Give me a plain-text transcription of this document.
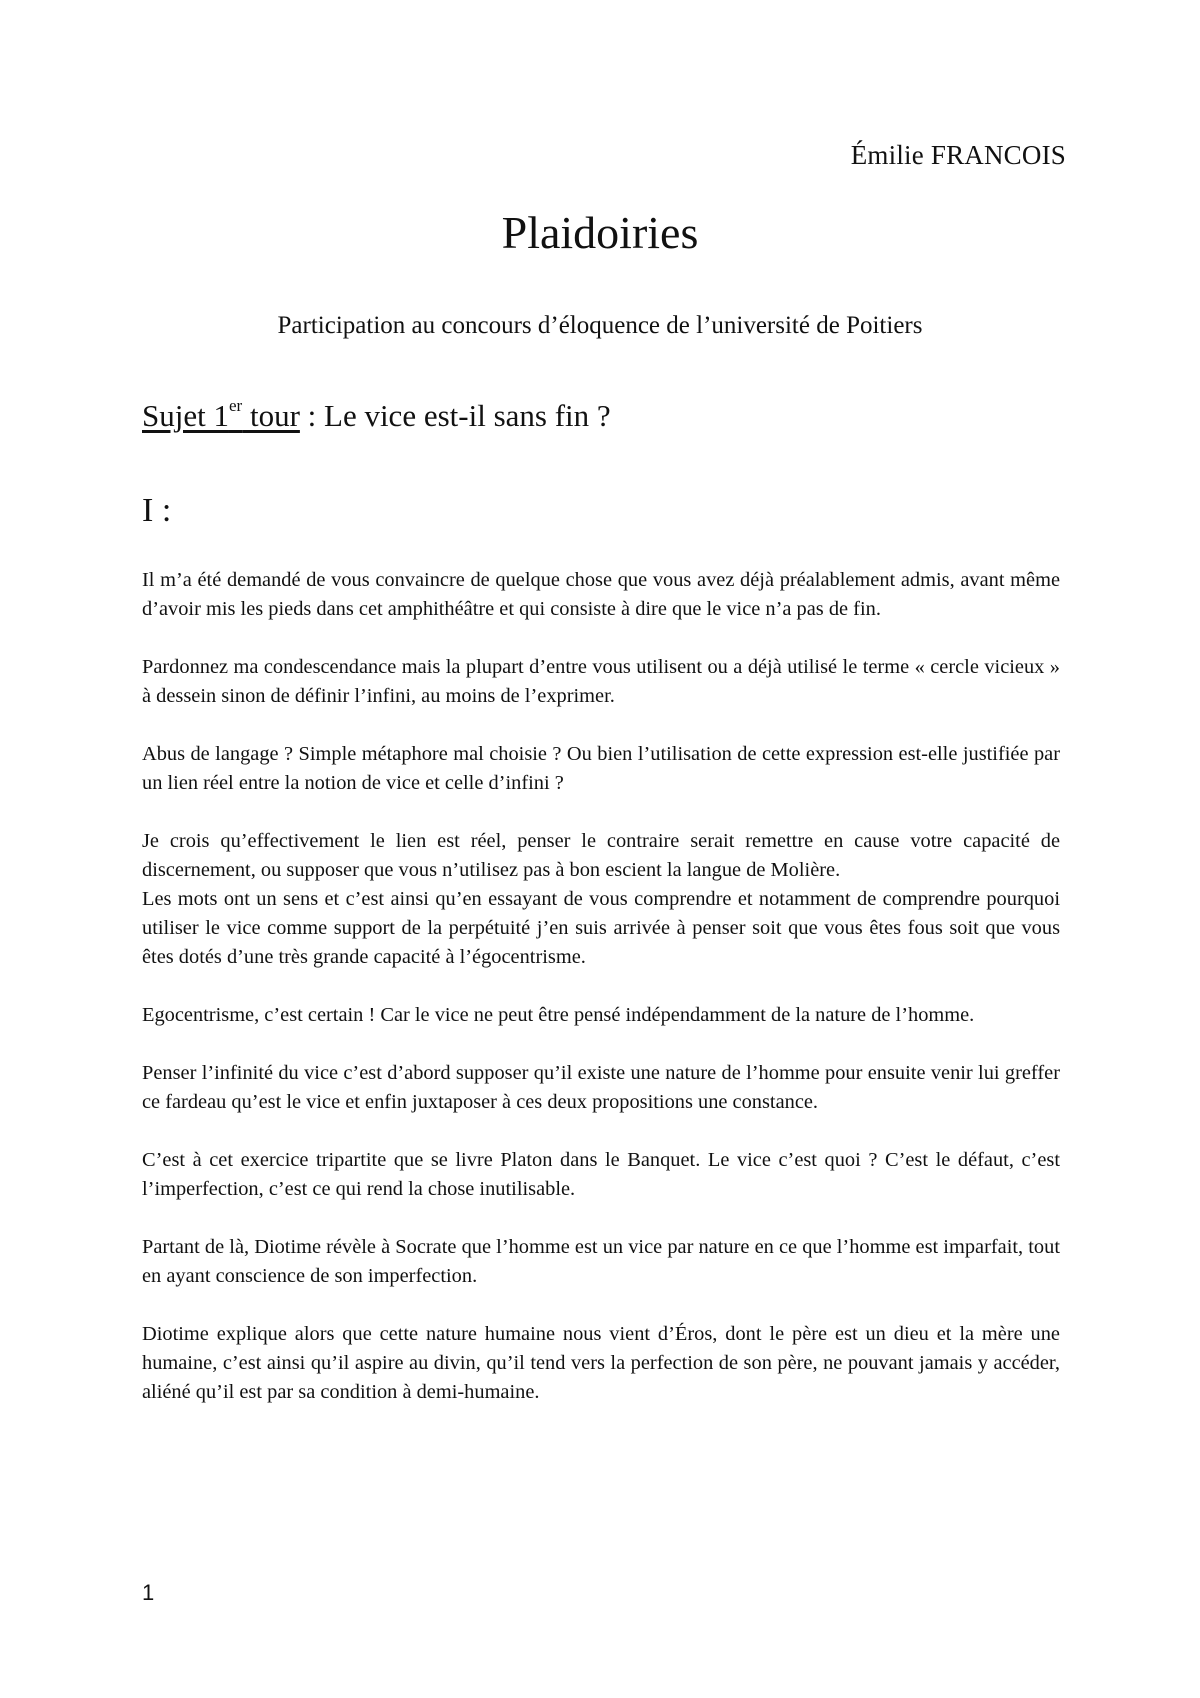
Émilie FRANCOIS
Plaidoiries
Participation au concours d’éloquence de l’université de Poitiers
Sujet 1er tour : Le vice est-il sans fin ?
I :

Il m’a été demandé de vous convaincre de quelque chose que vous avez déjà préalablement admis, avant même d’avoir mis les pieds dans cet amphithéâtre et qui consiste à dire que le vice n’a pas de fin.

Pardonnez ma condescendance mais la plupart d’entre vous utilisent ou a déjà utilisé le terme « cercle vicieux » à dessein sinon de définir l’infini, au moins de l’exprimer.

Abus de langage ? Simple métaphore mal choisie ? Ou bien l’utilisation de cette expression est-elle justifiée par un lien réel entre la notion de vice et celle d’infini ?

Je crois qu’effectivement le lien est réel, penser le contraire serait remettre en cause votre capacité de discernement, ou supposer que vous n’utilisez pas à bon escient la langue de Molière.

Les mots ont un sens et c’est ainsi qu’en essayant de vous comprendre et notamment de comprendre pourquoi utiliser le vice comme support de la perpétuité j’en suis arrivée à penser soit que vous êtes fous soit que vous êtes dotés d’une très grande capacité à l’égocentrisme.

Egocentrisme, c’est certain ! Car le vice ne peut être pensé indépendamment de la nature de l’homme.

Penser l’infinité du vice c’est d’abord supposer qu’il existe une nature de l’homme pour ensuite venir lui greffer ce fardeau qu’est le vice et enfin juxtaposer à ces deux propositions une constance.

C’est à cet exercice tripartite que se livre Platon dans le Banquet. Le vice c’est quoi ? C’est le défaut, c’est l’imperfection, c’est ce qui rend la chose inutilisable.

Partant de là, Diotime révèle à Socrate que l’homme est un vice par nature en ce que l’homme est imparfait, tout en ayant conscience de son imperfection.

Diotime explique alors que cette nature humaine nous vient d’Éros, dont le père est un dieu et la mère une humaine, c’est ainsi qu’il aspire au divin, qu’il tend vers la perfection de son père, ne pouvant jamais y accéder, aliéné qu’il est par sa condition à demi-humaine.

1
